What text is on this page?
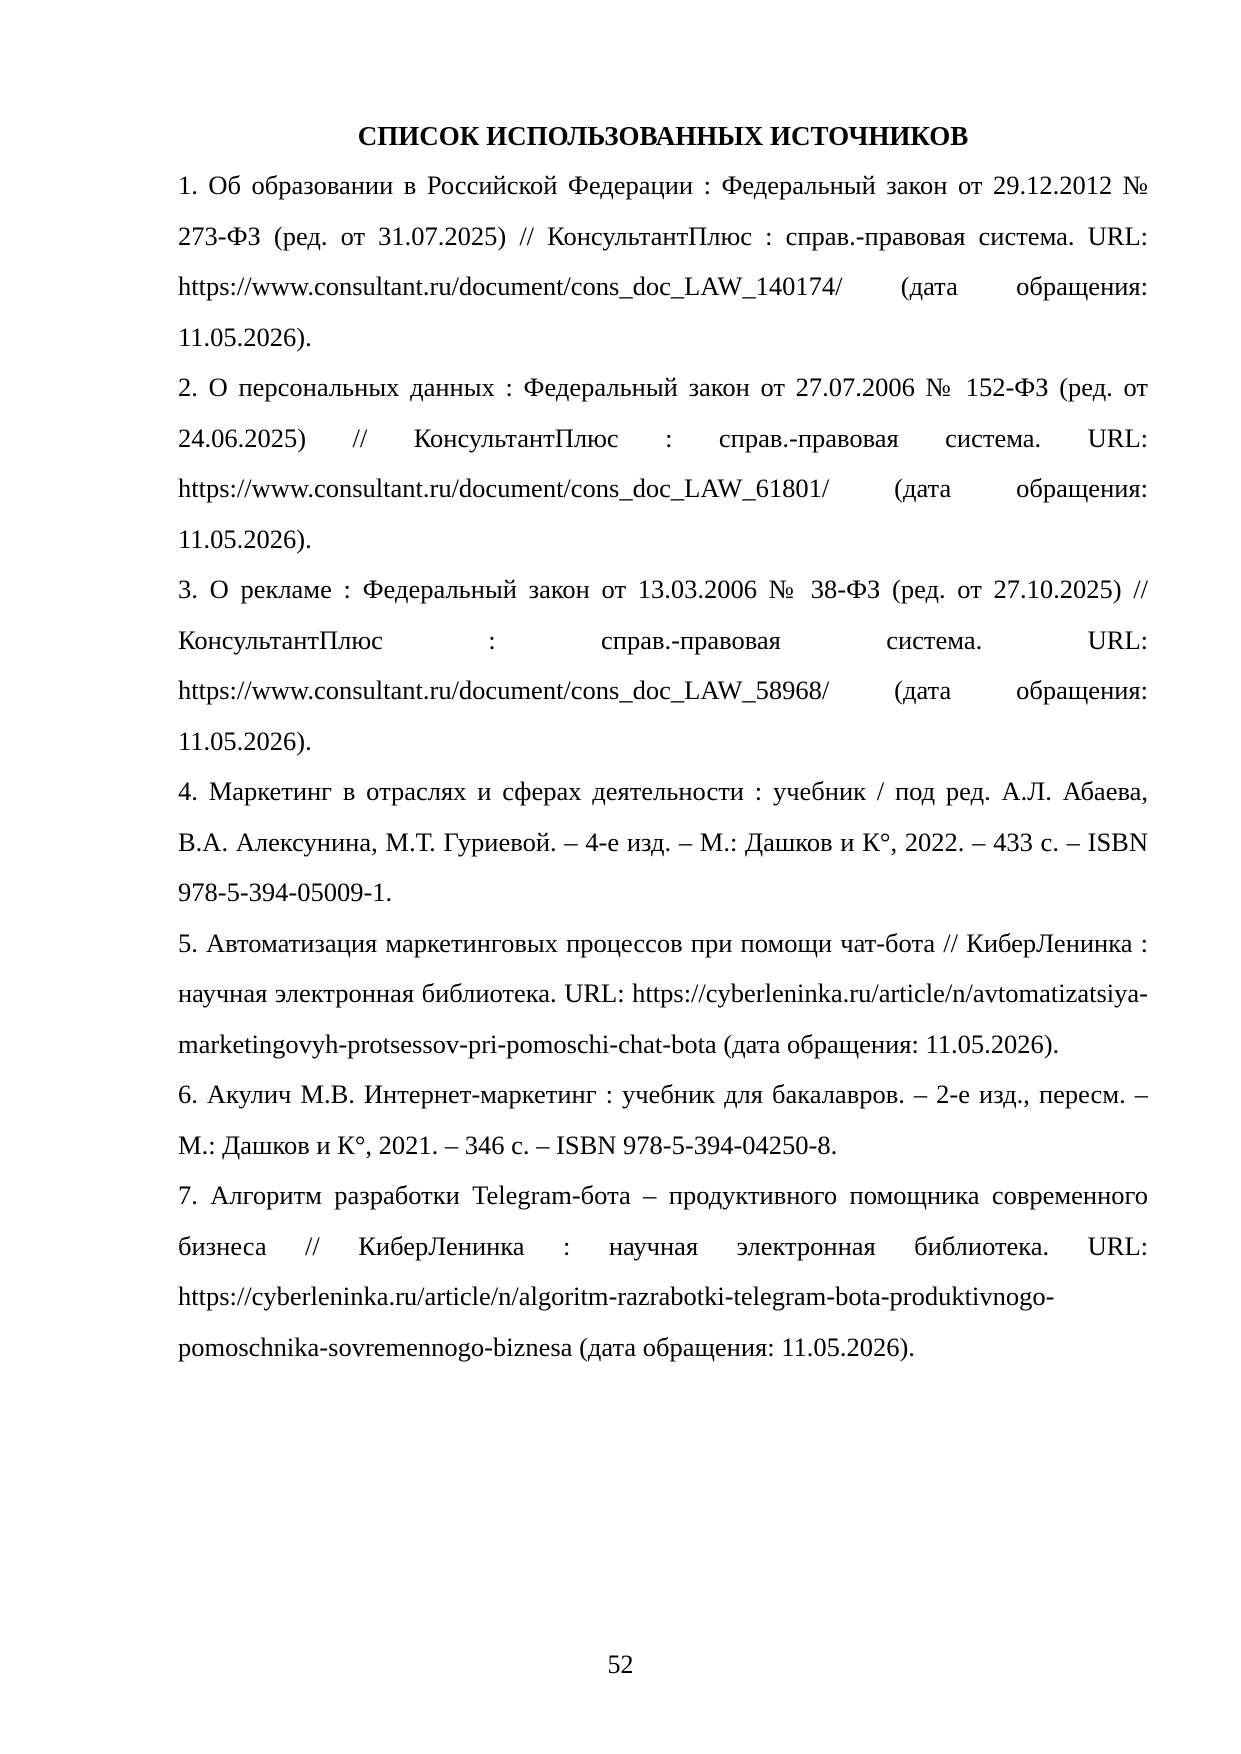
СПИСОК ИСПОЛЬЗОВАННЫХ ИСТОЧНИКОВ
1. Об образовании в Российской Федерации : Федеральный закон от 29.12.2012 № 273-ФЗ (ред. от 31.07.2025) // КонсультантПлюс : справ.-правовая система. URL: https://www.consultant.ru/document/cons_doc_LAW_140174/ (дата обращения: 11.05.2026).
2. О персональных данных : Федеральный закон от 27.07.2006 № 152-ФЗ (ред. от 24.06.2025) // КонсультантПлюс : справ.-правовая система. URL: https://www.consultant.ru/document/cons_doc_LAW_61801/ (дата обращения: 11.05.2026).
3. О рекламе : Федеральный закон от 13.03.2006 № 38-ФЗ (ред. от 27.10.2025) // КонсультантПлюс : справ.-правовая система. URL: https://www.consultant.ru/document/cons_doc_LAW_58968/ (дата обращения: 11.05.2026).
4. Маркетинг в отраслях и сферах деятельности : учебник / под ред. А.Л. Абаева, В.А. Алексунина, М.Т. Гуриевой. – 4-е изд. – М.: Дашков и К°, 2022. – 433 с. – ISBN 978-5-394-05009-1.
5. Автоматизация маркетинговых процессов при помощи чат-бота // КиберЛенинка : научная электронная библиотека. URL: https://cyberleninka.ru/article/n/avtomatizatsiya-marketingovyh-protsessov-pri-pomoschi-chat-bota (дата обращения: 11.05.2026).
6. Акулич М.В. Интернет-маркетинг : учебник для бакалавров. – 2-е изд., пересм. – М.: Дашков и К°, 2021. – 346 с. – ISBN 978-5-394-04250-8.
7. Алгоритм разработки Telegram-бота – продуктивного помощника современного бизнеса // КиберЛенинка : научная электронная библиотека. URL: https://cyberleninka.ru/article/n/algoritm-razrabotki-telegram-bota-produktivnogo-pomoschnika-sovremennogo-biznesa (дата обращения: 11.05.2026).
52
